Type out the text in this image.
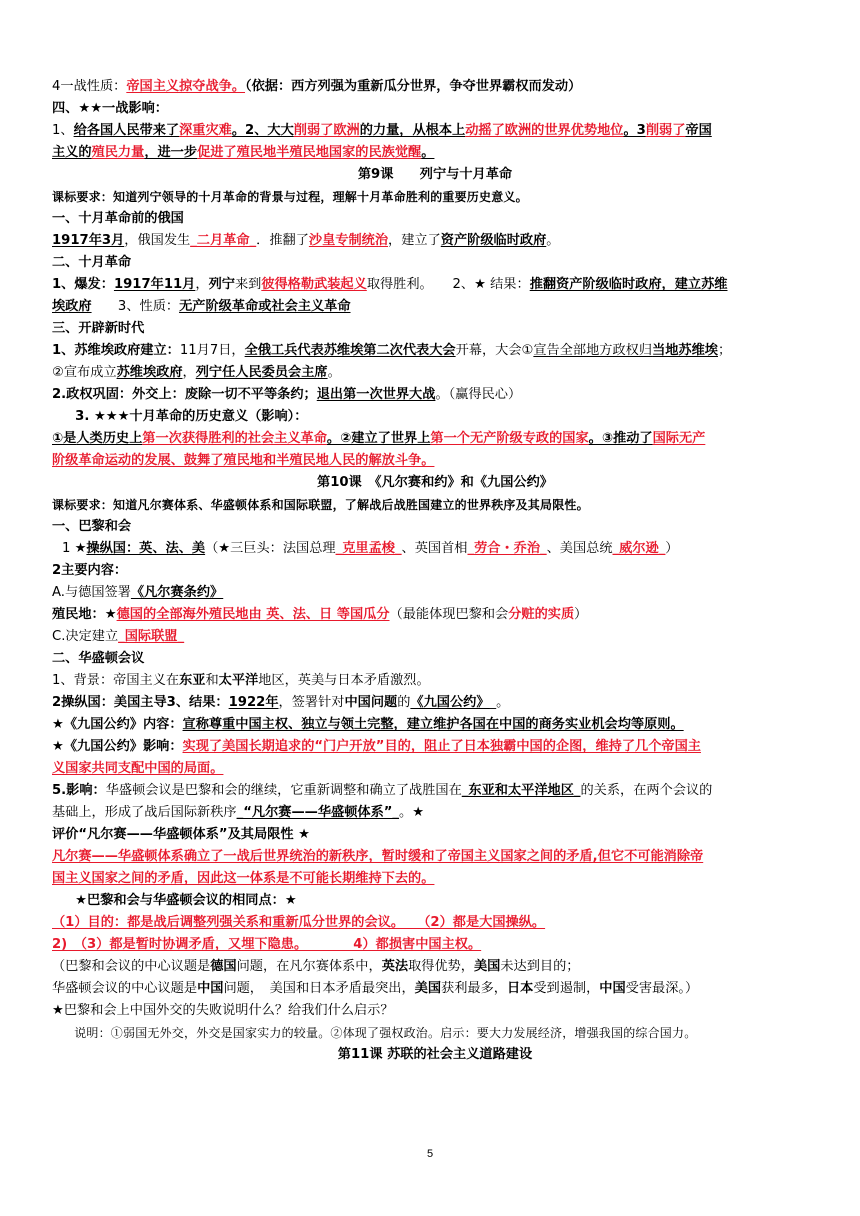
4一战性质：帝国主义掠夺战争。（依据：西方列强为重新瓜分世界，争夺世界霸权而发动）
四、★★一战影响：
1、给各国人民带来了深重灾难。2、大大削弱了欧洲的力量，从根本上动摇了欧洲的世界优势地位。3削弱了帝国
主义的殖民力量，进一步促进了殖民地半殖民地国家的民族觉醒。
第9课　　列宁与十月革命
课标要求：知道列宁领导的十月革命的背景与过程，理解十月革命胜利的重要历史意义。
一、十月革命前的俄国
1917年3月，俄国发生_二月革命_．推翻了沙皇专制统治，建立了资产阶级临时政府。
二、十月革命
1、爆发：1917年11月，列宁来到彼得格勒武装起义取得胜利。　　2、★ 结果：推翻资产阶级临时政府，建立苏维
埃政府　　3、性质：无产阶级革命或社会主义革命
三、开辟新时代
1、苏维埃政府建立：11月7日，全俄工兵代表苏维埃第二次代表大会开幕，大会①宣告全部地方政权归当地苏维埃；
②宣布成立苏维埃政府，列宁任人民委员会主席。
2.政权巩固：外交上：废除一切不平等条约；退出第一次世界大战。（赢得民心）
　3. ★★★十月革命的历史意义（影响）：
①是人类历史上第一次获得胜利的社会主义革命。②建立了世界上第一个无产阶级专政的国家。③推动了国际无产
阶级革命运动的发展、鼓舞了殖民地和半殖民地人民的解放斗争。
第10课　《凡尔赛和约》和《九国公约》
课标要求：知道凡尔赛体系、华盛顿体系和国际联盟，了解战后战胜国建立的世界秩序及其局限性。
一、巴黎和会
1 ★操纵国：英、法、美（★三巨头：法国总理_克里孟梭_、英国首相_劳合・乔治_、美国总统_威尔逊_）
2主要内容：
A.与德国签署《凡尔赛条约》
殖民地：★德国的全部海外殖民地由 英、法、日 等国瓜分（最能体现巴黎和会分赃的实质）
C.决定建立_国际联盟_
二、华盛顿会议
1、背景：帝国主义在东亚和太平洋地区，英美与日本矛盾激烈。
2操纵国：美国主导3、结果：1922年，签署针对中国问题的《九国公约》_。
★《九国公约》内容：宣称尊重中国主权、独立与领土完整，建立维护各国在中国的商务实业机会均等原则。
★《九国公约》影响：实现了美国长期追求的“门户开放”目的，阻止了日本独霸中国的企图，维持了几个帝国主
义国家共同支配中国的局面。
5.影响：华盛顿会议是巴黎和会的继续，它重新调整和确立了战胜国在_东亚和太平洋地区_的关系，在两个会议的
基础上，形成了战后国际新秩序_“凡尔赛——华盛顿体系”_。★
评价“凡尔赛——华盛顿体系”及其局限性 ★
凡尔赛——华盛顿体系确立了一战后世界统治的新秩序，暂时缓和了帝国主义国家之间的矛盾,但它不可能消除帝
国主义国家之间的矛盾，因此这一体系是不可能长期维持下去的。
　★巴黎和会与华盛顿会议的相同点：★
（1）目的：都是战后调整列强关系和重新瓜分世界的会议。　　（2）都是大国操纵。
2)　（3）都是暂时协调矛盾，又埋下隐患。　　　　4）都损害中国主权。
（巴黎和会议的中心议题是德国问题，在凡尔赛体系中，英法取得优势，美国未达到目的；
华盛顿会议的中心议题是中国问题，　美国和日本矛盾最突出，美国获利最多，日本受到遏制，中国受害最深。）
★巴黎和会上中国外交的失败说明什么？给我们什么启示？
　说明：①弱国无外交，外交是国家实力的较量。②体现了强权政治。启示：要大力发展经济，增强我国的综合国力。
第11课 苏联的社会主义道路建设
5
